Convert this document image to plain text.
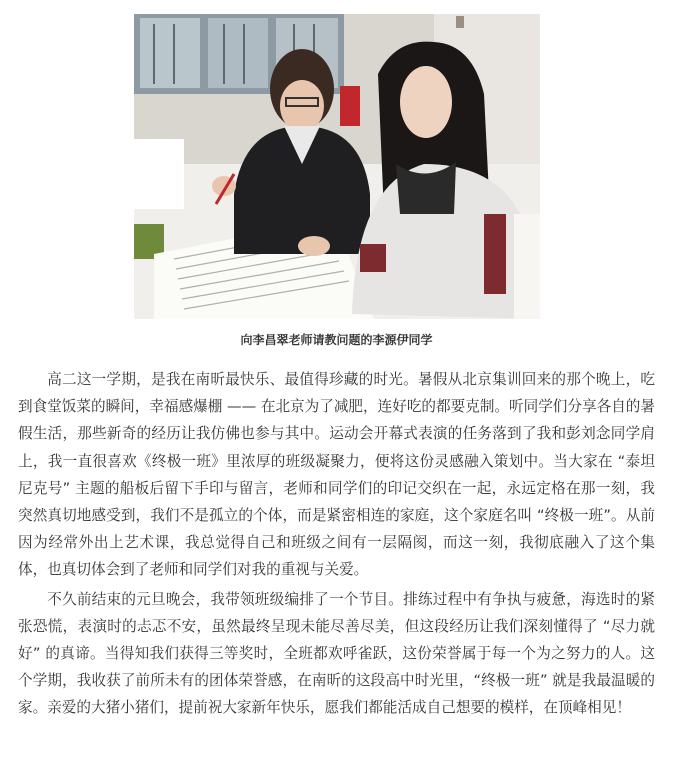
向李昌翠老师请教问题的李源伊同学

高二这一学期，是我在南昕最快乐、最值得珍藏的时光。暑假从北京集训回来的那个晚上，吃到食堂饭菜的瞬间，幸福感爆棚 —— 在北京为了减肥，连好吃的都要克制。听同学们分享各自的暑假生活，那些新奇的经历让我仿佛也参与其中。运动会开幕式表演的任务落到了我和彭刘念同学肩上，我一直很喜欢《终极一班》里浓厚的班级凝聚力，便将这份灵感融入策划中。当大家在 “泰坦尼克号” 主题的船板后留下手印与留言，老师和同学们的印记交织在一起，永远定格在那一刻，我突然真切地感受到，我们不是孤立的个体，而是紧密相连的家庭，这个家庭名叫 “终极一班”。从前因为经常外出上艺术课，我总觉得自己和班级之间有一层隔阂，而这一刻，我彻底融入了这个集体，也真切体会到了老师和同学们对我的重视与关爱。

不久前结束的元旦晚会，我带领班级编排了一个节目。排练过程中有争执与疲惫，海选时的紧张恐慌，表演时的忐忑不安，虽然最终呈现未能尽善尽美，但这段经历让我们深刻懂得了 “尽力就好” 的真谛。当得知我们获得三等奖时，全班都欢呼雀跃，这份荣誉属于每一个为之努力的人。这个学期，我收获了前所未有的团体荣誉感，在南昕的这段高中时光里，“终极一班” 就是我最温暖的家。亲爱的大猪小猪们，提前祝大家新年快乐，愿我们都能活成自己想要的模样，在顶峰相见！
